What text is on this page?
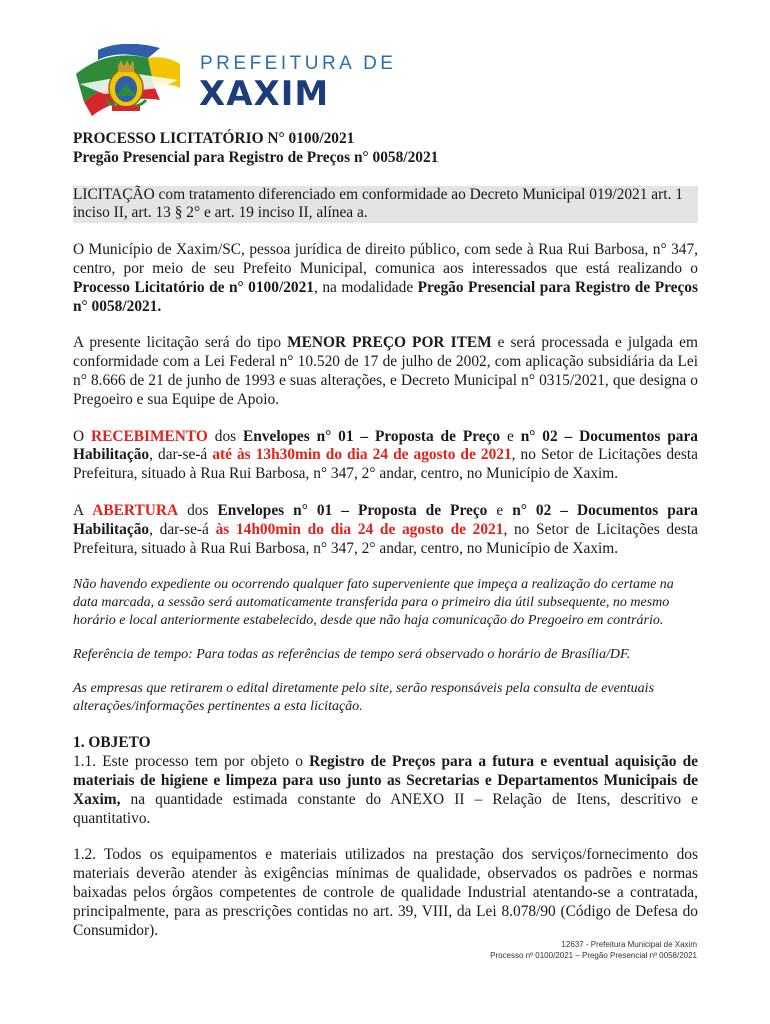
PREFEITURA DE
XAXIM

PROCESSO LICITATÓRIO N° 0100/2021

Pregão Presencial para Registro de Preços n° 0058/2021

LICITAÇÃO com tratamento diferenciado em conformidade ao Decreto Municipal 019/2021 art. 1 inciso II, art. 13 § 2° e art. 19 inciso II, alínea a.

O Município de Xaxim/SC, pessoa jurídica de direito público, com sede à Rua Rui Barbosa, n° 347, centro, por meio de seu Prefeito Municipal, comunica aos interessados que está realizando o Processo Licitatório de n° 0100/2021, na modalidade Pregão Presencial para Registro de Preços n° 0058/2021.

A presente licitação será do tipo MENOR PREÇO POR ITEM e será processada e julgada em conformidade com a Lei Federal n° 10.520 de 17 de julho de 2002, com aplicação subsidiária da Lei n° 8.666 de 21 de junho de 1993 e suas alterações, e Decreto Municipal n° 0315/2021, que designa o Pregoeiro e sua Equipe de Apoio.

O RECEBIMENTO dos Envelopes n° 01 – Proposta de Preço e n° 02 – Documentos para Habilitação, dar-se-á até às 13h30min do dia 24 de agosto de 2021, no Setor de Licitações desta Prefeitura, situado à Rua Rui Barbosa, n° 347, 2° andar, centro, no Município de Xaxim.

A ABERTURA dos Envelopes n° 01 – Proposta de Preço e n° 02 – Documentos para Habilitação, dar-se-á às 14h00min do dia 24 de agosto de 2021, no Setor de Licitações desta Prefeitura, situado à Rua Rui Barbosa, n° 347, 2° andar, centro, no Município de Xaxim.

Não havendo expediente ou ocorrendo qualquer fato superveniente que impeça a realização do certame na data marcada, a sessão será automaticamente transferida para o primeiro dia útil subsequente, no mesmo horário e local anteriormente estabelecido, desde que não haja comunicação do Pregoeiro em contrário.

Referência de tempo: Para todas as referências de tempo será observado o horário de Brasília/DF.

As empresas que retirarem o edital diretamente pelo site, serão responsáveis pela consulta de eventuais alterações/informações pertinentes a esta licitação.

1. OBJETO

1.1. Este processo tem por objeto o Registro de Preços para a futura e eventual aquisição de materiais de higiene e limpeza para uso junto as Secretarias e Departamentos Municipais de Xaxim, na quantidade estimada constante do ANEXO II – Relação de Itens, descritivo e quantitativo.

1.2. Todos os equipamentos e materiais utilizados na prestação dos serviços/fornecimento dos materiais deverão atender às exigências mínimas de qualidade, observados os padrões e normas baixadas pelos órgãos competentes de controle de qualidade Industrial atentando-se a contratada, principalmente, para as prescrições contidas no art. 39, VIII, da Lei 8.078/90 (Código de Defesa do Consumidor).

12637 - Prefeitura Municipal de Xaxim
Processo nº 0100/2021 – Pregão Presencial nº 0058/2021
